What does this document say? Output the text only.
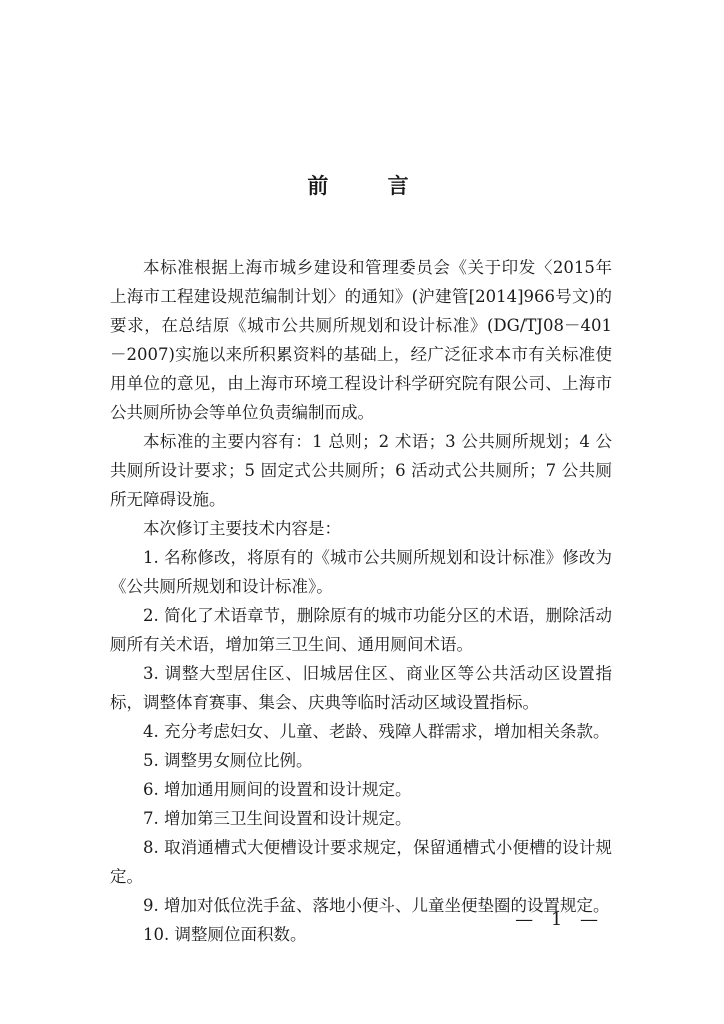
前 言

本标准根据上海市城乡建设和管理委员会《关于印发〈2015年上海市工程建设规范编制计划〉的通知》(沪建管[2014]966号文)的要求，在总结原《城市公共厕所规划和设计标准》(DG/TJ08－401－2007)实施以来所积累资料的基础上，经广泛征求本市有关标准使用单位的意见，由上海市环境工程设计科学研究院有限公司、上海市公共厕所协会等单位负责编制而成。

本标准的主要内容有：1 总则；2 术语；3 公共厕所规划；4 公共厕所设计要求；5 固定式公共厕所；6 活动式公共厕所；7 公共厕所无障碍设施。

本次修订主要技术内容是：

1. 名称修改，将原有的《城市公共厕所规划和设计标准》修改为《公共厕所规划和设计标准》。

2. 简化了术语章节，删除原有的城市功能分区的术语，删除活动厕所有关术语，增加第三卫生间、通用厕间术语。

3. 调整大型居住区、旧城居住区、商业区等公共活动区设置指标，调整体育赛事、集会、庆典等临时活动区域设置指标。

4. 充分考虑妇女、儿童、老龄、残障人群需求，增加相关条款。

5. 调整男女厕位比例。

6. 增加通用厕间的设置和设计规定。

7. 增加第三卫生间设置和设计规定。

8. 取消通槽式大便槽设计要求规定，保留通槽式小便槽的设计规定。

9. 增加对低位洗手盆、落地小便斗、儿童坐便垫圈的设置规定。

10. 调整厕位面积数。

— 1 —
